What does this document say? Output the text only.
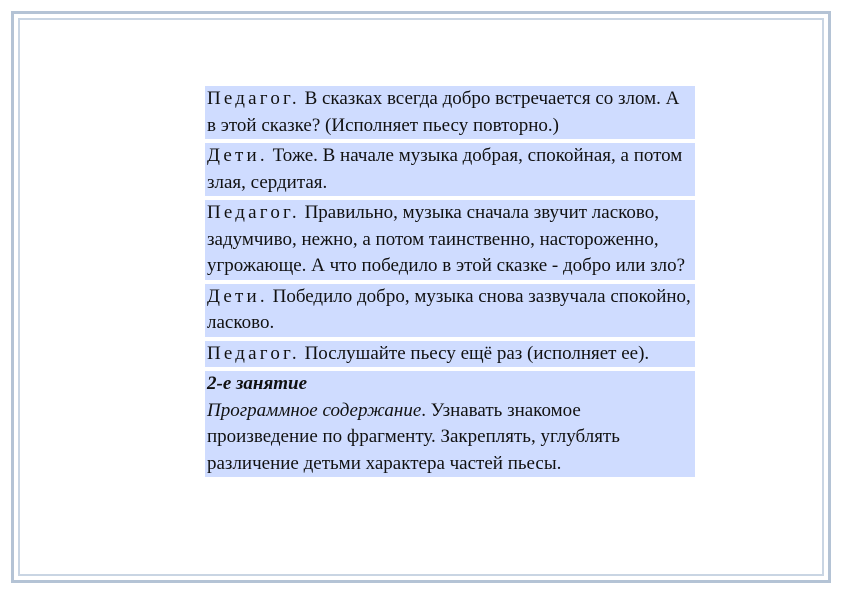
Педагог. В сказках всегда добро встречается со злом. А в этой сказке? (Исполняет пьесу повторно.)
Дети. Тоже. В начале музыка добрая, спокойная, а потом злая, сердитая.
Педагог. Правильно, музыка сначала звучит ласково, задумчиво, нежно, а потом таинственно, настороженно, угрожающе. А что победило в этой сказке - добро или зло?
Дети. Победило добро, музыка снова зазвучала спокойно, ласково.
Педагог. Послушайте пьесу ещё раз (исполняет ее).
2-е занятие
Программное содержание. Узнавать знакомое произведение по фрагменту. Закреплять, углублять различение детьми характера частей пьесы.
